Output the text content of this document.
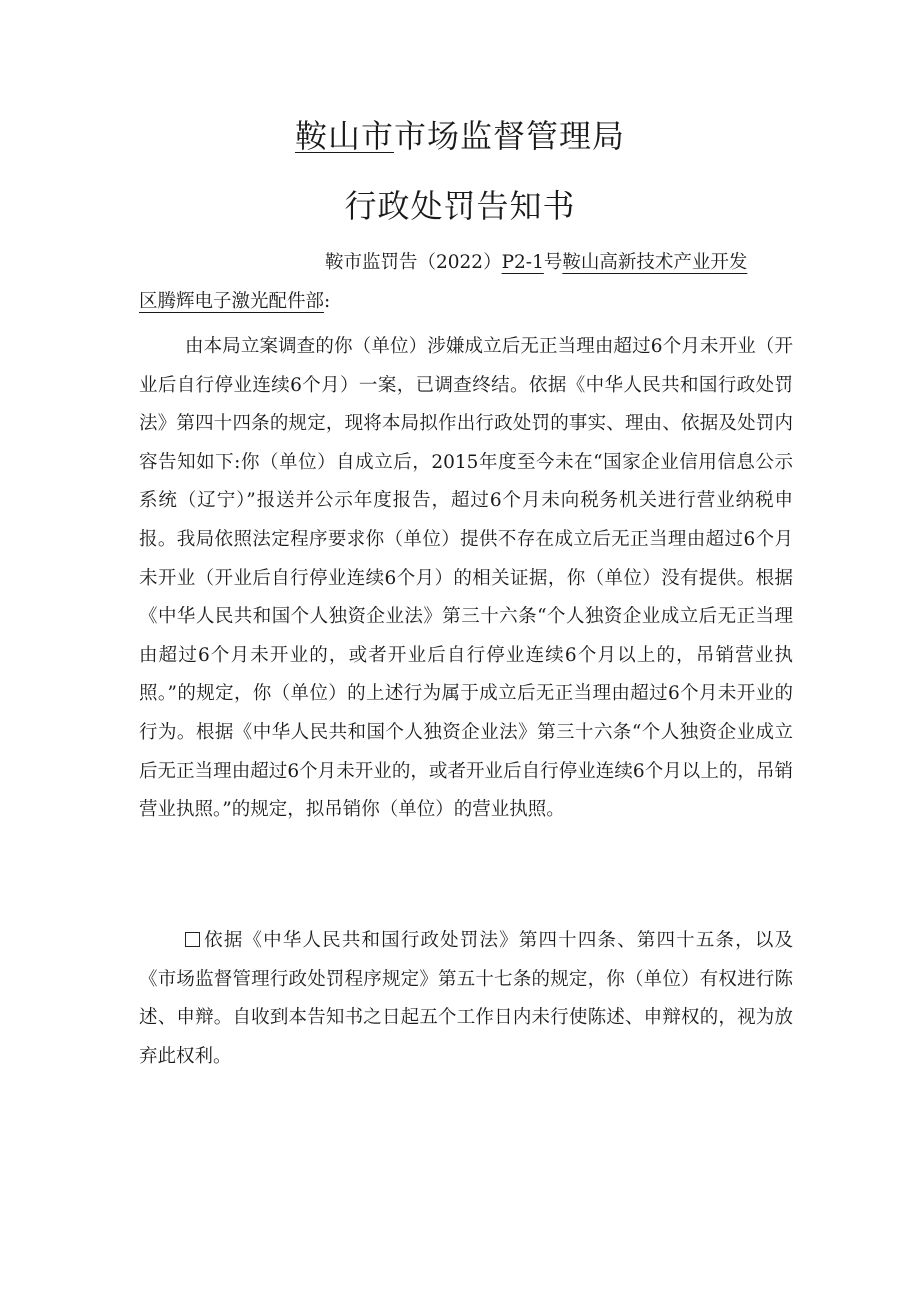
鞍山市市场监督管理局
行政处罚告知书
鞍市监罚告（2022）P2-1号鞍山高新技术产业开发
区腾辉电子激光配件部:
由本局立案调查的你（单位）涉嫌成立后无正当理由超过6个月未开业（开业后自行停业连续6个月）一案，已调查终结。依据《中华人民共和国行政处罚法》第四十四条的规定，现将本局拟作出行政处罚的事实、理由、依据及处罚内容告知如下:你（单位）自成立后，2015年度至今未在“国家企业信用信息公示系统（辽宁）”报送并公示年度报告，超过6个月未向税务机关进行营业纳税申报。我局依照法定程序要求你（单位）提供不存在成立后无正当理由超过6个月未开业（开业后自行停业连续6个月）的相关证据，你（单位）没有提供。根据《中华人民共和国个人独资企业法》第三十六条“个人独资企业成立后无正当理由超过6个月未开业的，或者开业后自行停业连续6个月以上的，吊销营业执照。”的规定，你（单位）的上述行为属于成立后无正当理由超过6个月未开业的行为。根据《中华人民共和国个人独资企业法》第三十六条“个人独资企业成立后无正当理由超过6个月未开业的，或者开业后自行停业连续6个月以上的，吊销营业执照。”的规定，拟吊销你（单位）的营业执照。
依据《中华人民共和国行政处罚法》第四十四条、第四十五条，以及《市场监督管理行政处罚程序规定》第五十七条的规定，你（单位）有权进行陈述、申辩。自收到本告知书之日起五个工作日内未行使陈述、申辩权的，视为放弃此权利。
